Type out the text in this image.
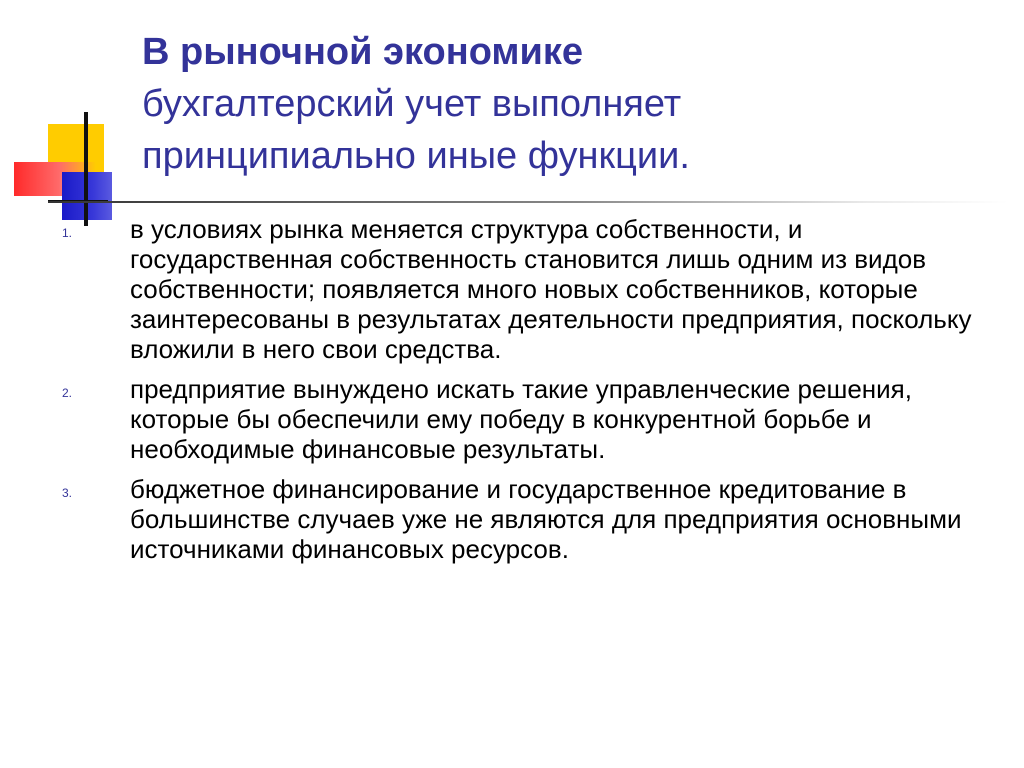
В рыночной экономике
бухгалтерский учет выполняет
принципиально иные функции.
1. в условиях рынка меняется структура собственности, и государственная собственность становится лишь одним из видов собственности; появляется много новых собственников, которые заинтересованы в результатах деятельности предприятия, поскольку вложили в него свои средства.
2. предприятие вынуждено искать такие управленческие решения, которые бы обеспечили ему победу в конкурентной борьбе и необходимые финансовые результаты.
3. бюджетное финансирование и государственное кредитование в большинстве случаев уже не являются для предприятия основными источниками финансовых ресурсов.
